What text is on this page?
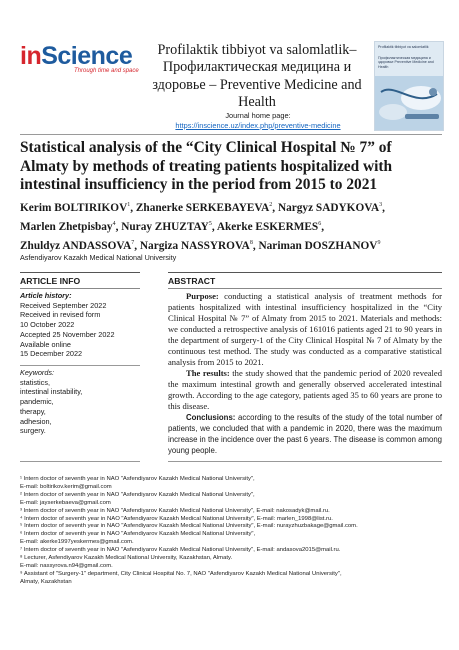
inScience
Through time and space
Profilaktik tibbiyot va salomlatlik– Профилактическая медицина и здоровье – Preventive Medicine and Health
Journal home page:
https://inscience.uz/index.php/preventive-medicine
Profilaktik tibbiyot va salomlatlik
Профилактическая медицина и здоровье Preventive Medicine and Health
Statistical analysis of the “City Clinical Hospital № 7” of Almaty by methods of treating patients hospitalized with intestinal insufficiency in the period from 2015 to 2021
Kerim BOLTIRIKOV$^1$, Zhanerke SERKEBAYEVA$^2$, Nargyz SADYKOVA$^3$,
Marlen Zhetpisbay$^4$, Nuray ZHUZTAY$^5$, Akerke ESKERMES$^6$,
Zhuldyz ANDASSOVA$^7$, Nargiza NASSYROVA$^8$, Nariman DOSZHANOV$^9$
Asfendiyarov Kazakh Medical National University
ARTICLE INFO
Article history:
Received September 2022
Received in revised form
10 October 2022
Accepted 25 November 2022
Available online
15 December 2022
Keywords:
statistics,
intestinal instability,
pandemic,
therapy,
adhesion,
surgery.
ABSTRACT

Purpose: conducting a statistical analysis of treatment methods for patients hospitalized with intestinal insufficiency hospitalized in the “City Clinical Hospital № 7” of Almaty from 2015 to 2021. Materials and methods: we conducted a retrospective analysis of 161016 patients aged 21 to 90 years in the department of surgery-1 of the City Clinical Hospital № 7 of Almaty by the continuous test method. The study was conducted as a comparative statistical analysis from 2015 to 2021.

The results: the study showed that the pandemic period of 2020 revealed the maximum intestinal growth and generally observed accelerated intestinal growth. According to the age category, patients aged 35 to 60 years are prone to this disease.

Conclusions: according to the results of the study of the total number of patients, we concluded that with a pandemic in 2020, there was the maximum increase in the incidence over the past 6 years. The disease is common among young people.

¹ Intern doctor of seventh year in NAO "Asfendiyarov Kazakh Medical National University",
E-mail: boltirikov.kerim@gmail.com
² Intern doctor of seventh year in NAO "Asfendiyarov Kazakh Medical National University",
E-mail: jayserkebaeva@gmail.com
³ Intern doctor of seventh year in NAO "Asfendiyarov Kazakh Medical National University", E-mail: nakosadyk@mail.ru.
⁴ Intern doctor of seventh year in NAO "Asfendiyarov Kazakh Medical National University", E-mail: marlen_1998@list.ru.
⁵ Intern doctor of seventh year in NAO "Asfendiyarov Kazakh Medical National University", E-mail: nurayzhuzbakage@gmail.com.
⁶ Intern doctor of seventh year in NAO "Asfendiyarov Kazakh Medical National University",
E-mail: akerke1997yeskermes@gmail.com.
⁷ Intern doctor of seventh year in NAO "Asfendiyarov Kazakh Medical National University", E-mail: andasova2015@mail.ru.
⁸ Lecturer, Asfendiyarov Kazakh Medical National University, Kazakhstan, Almaty.
E-mail: nassyrova.n94@gmail.com.
⁹ Assistant of "Surgery-1" department, City Clinical Hospital No. 7, NAO "Asfendiyarov Kazakh Medical National University",
Almaty, Kazakhstan
